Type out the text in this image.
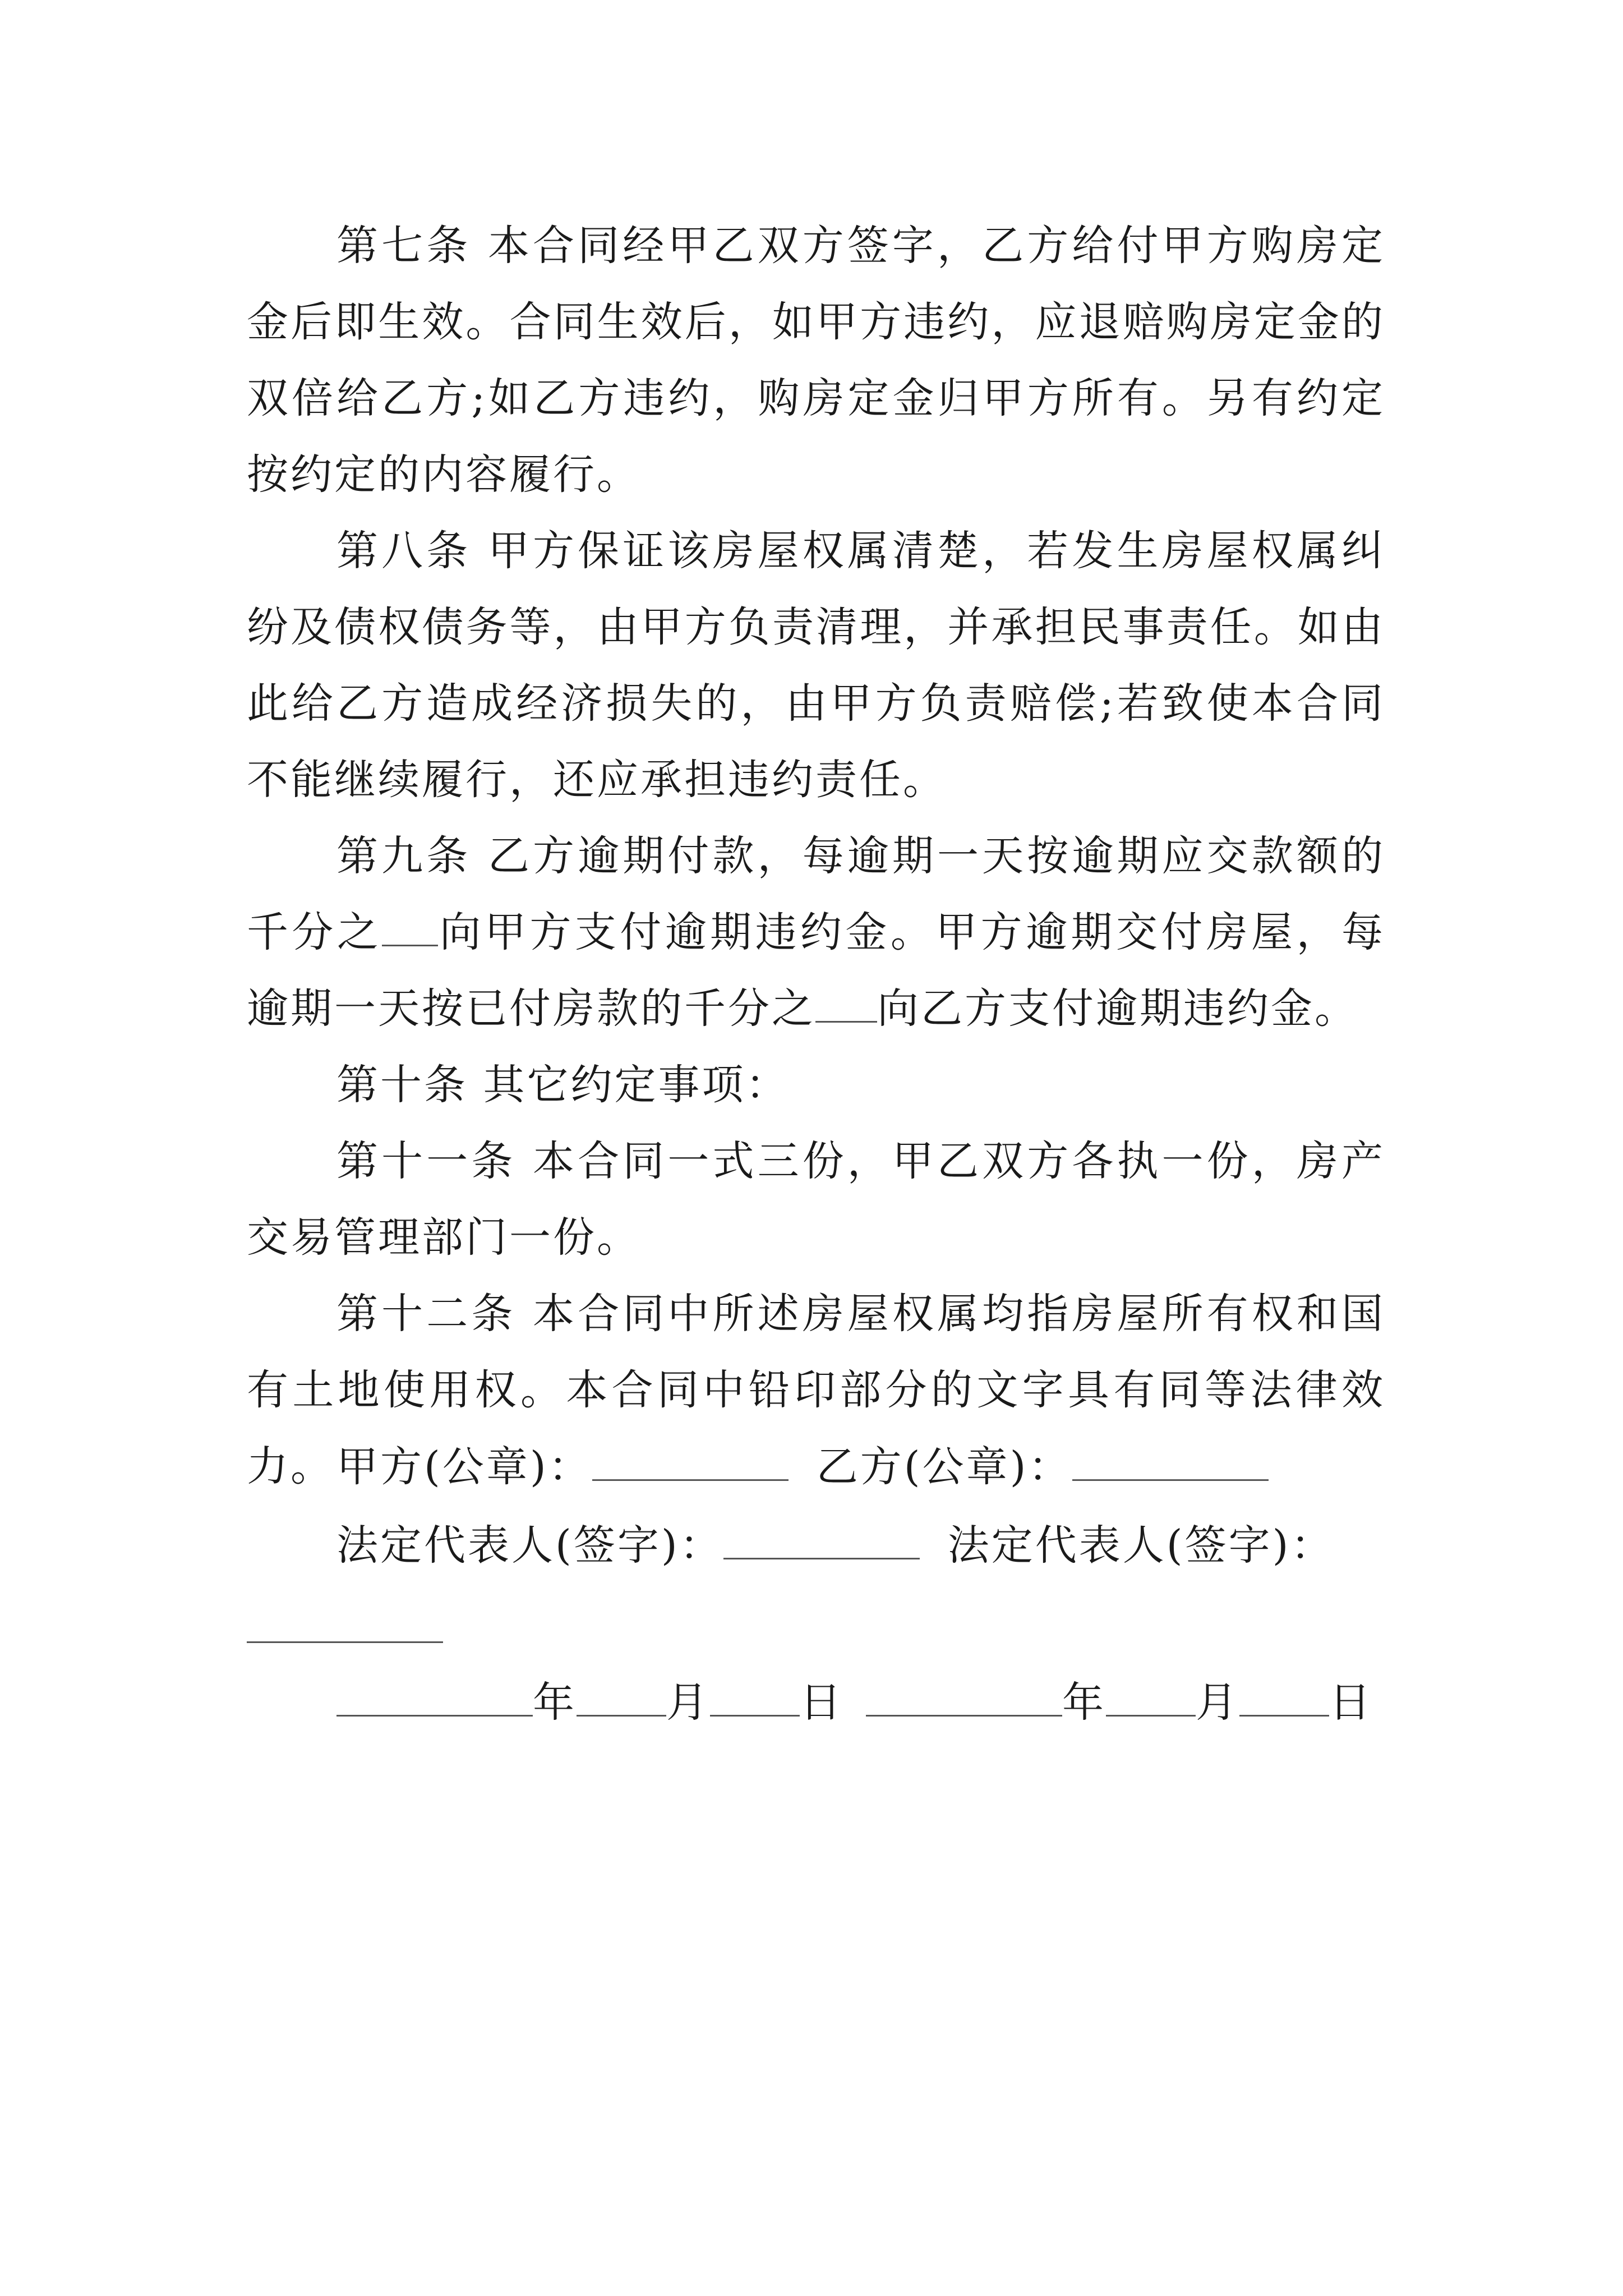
第七条 本合同经甲乙双方签字，乙方给付甲方购房定金后即生效。合同生效后，如甲方违约，应退赔购房定金的双倍给乙方;如乙方违约，购房定金归甲方所有。另有约定按约定的内容履行。

第八条 甲方保证该房屋权属清楚，若发生房屋权属纠纷及债权债务等，由甲方负责清理，并承担民事责任。如由此给乙方造成经济损失的，由甲方负责赔偿;若致使本合同不能继续履行，还应承担违约责任。

第九条 乙方逾期付款，每逾期一天按逾期应交款额的千分之 向甲方支付逾期违约金。甲方逾期交付房屋，每逾期一天按已付房款的千分之 向乙方支付逾期违约金。

第十条 其它约定事项：

第十一条 本合同一式三份，甲乙双方各执一份，房产交易管理部门一份。

第十二条 本合同中所述房屋权属均指房屋所有权和国有土地使用权。本合同中铅印部分的文字具有同等法律效力。 甲方(公章)：	乙方(公章)：
法定代表人(签字)：	法定代表人(签字)：
年 月 日	年 月 日
